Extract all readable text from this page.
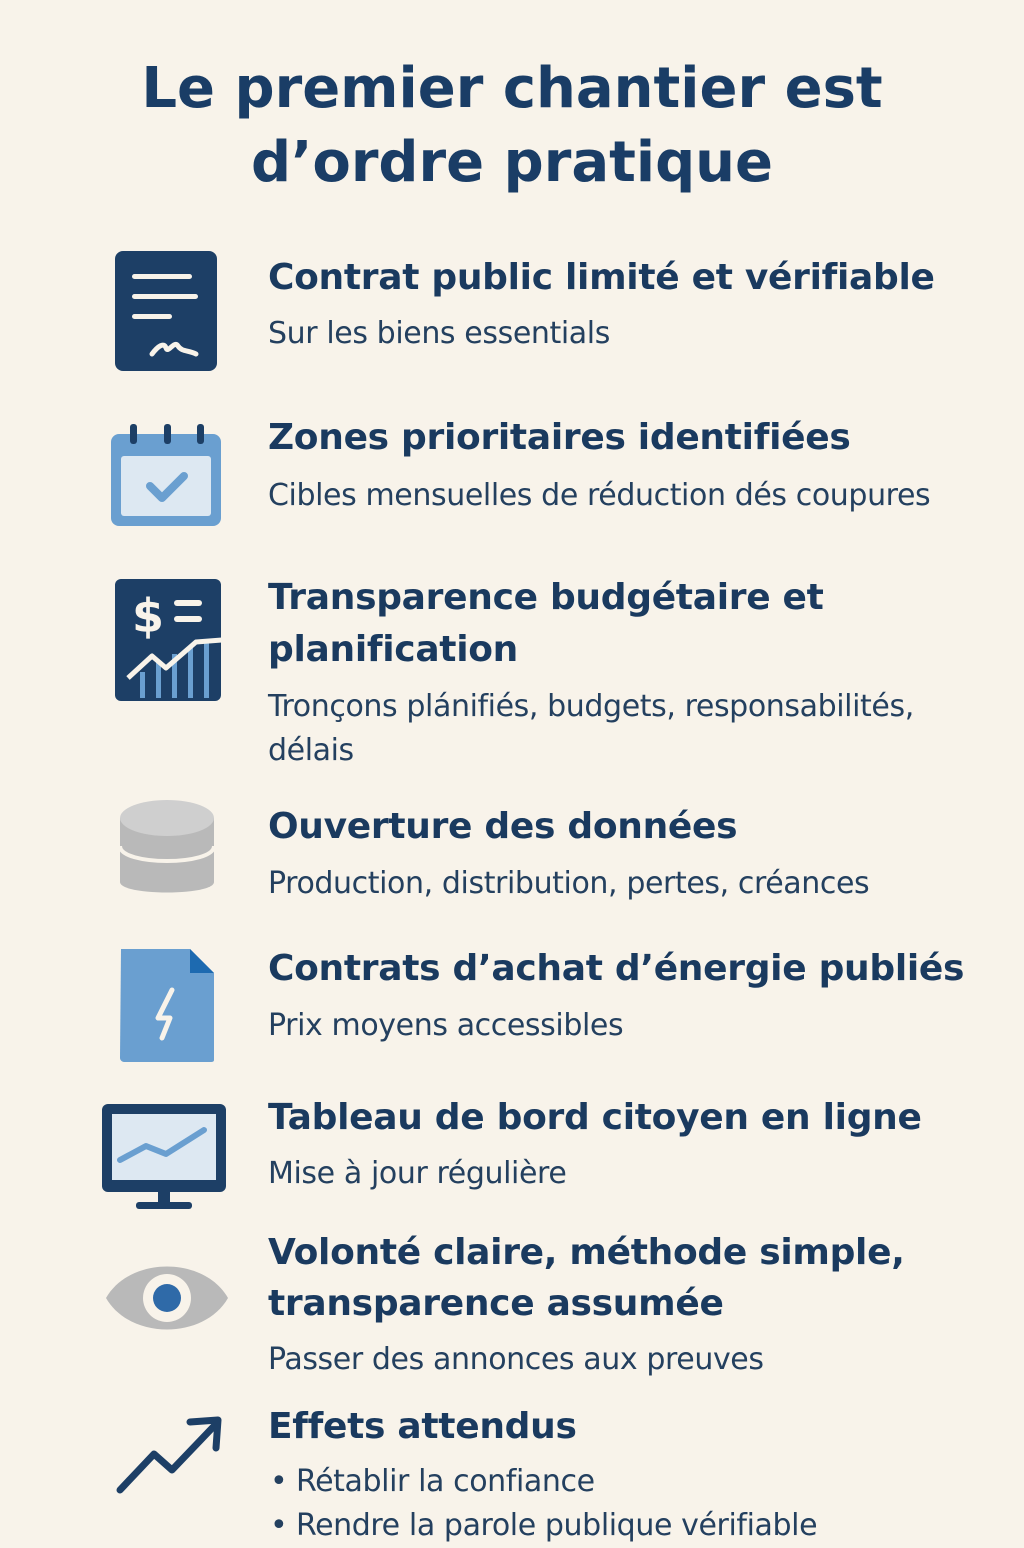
Le premier chantier est
d’ordre pratique
Contrat public limité et vérifiable
Sur les biens essentials
Zones prioritaires identifiées
Cibles mensuelles de réduction dés coupures
$	Transparence budgétaire et
planification
Tronçons plánifiés, budgets, responsabilités,
délais
Ouverture des données
Production, distribution, pertes, créances
Contrats d’achat d’énergie publiés
Prix moyens accessibles
Tableau de bord citoyen en ligne
Mise à jour régulière
Volonté claire, méthode simple,
transparence assumée
Passer des annonces aux preuves
Effets attendus
• Rétablir la confiance
• Rendre la parole publique vérifiable
